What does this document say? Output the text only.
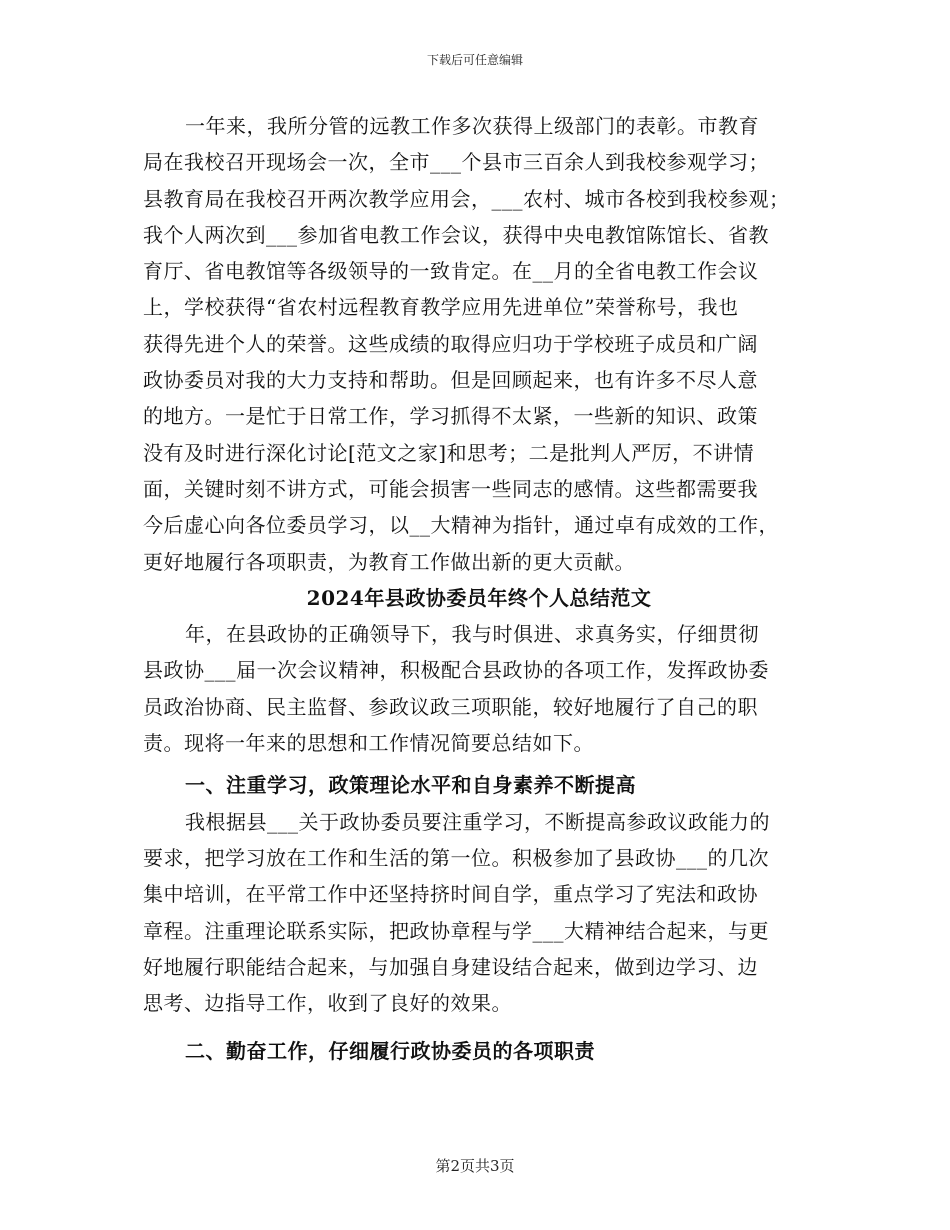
下载后可任意编辑
一年来，我所分管的远教工作多次获得上级部门的表彰。市教育
局在我校召开现场会一次，全市___个县市三百余人到我校参观学习；
县教育局在我校召开两次教学应用会，___农村、城市各校到我校参观；
我个人两次到___参加省电教工作会议，获得中央电教馆陈馆长、省教
育厅、省电教馆等各级领导的一致肯定。在__月的全省电教工作会议
上，学校获得“省农村远程教育教学应用先进单位”荣誉称号，我也
获得先进个人的荣誉。这些成绩的取得应归功于学校班子成员和广阔
政协委员对我的大力支持和帮助。但是回顾起来，也有许多不尽人意
的地方。一是忙于日常工作，学习抓得不太紧，一些新的知识、政策
没有及时进行深化讨论[范文之家]和思考；二是批判人严厉，不讲情
面，关键时刻不讲方式，可能会损害一些同志的感情。这些都需要我
今后虚心向各位委员学习，以__大精神为指针，通过卓有成效的工作，
更好地履行各项职责，为教育工作做出新的更大贡献。
2024年县政协委员年终个人总结范文
年，在县政协的正确领导下，我与时俱进、求真务实，仔细贯彻
县政协___届一次会议精神，积极配合县政协的各项工作，发挥政协委
员政治协商、民主监督、参政议政三项职能，较好地履行了自己的职
责。现将一年来的思想和工作情况简要总结如下。
一、注重学习，政策理论水平和自身素养不断提高
我根据县___关于政协委员要注重学习，不断提高参政议政能力的
要求，把学习放在工作和生活的第一位。积极参加了县政协___的几次
集中培训，在平常工作中还坚持挤时间自学，重点学习了宪法和政协
章程。注重理论联系实际，把政协章程与学___大精神结合起来，与更
好地履行职能结合起来，与加强自身建设结合起来，做到边学习、边
思考、边指导工作，收到了良好的效果。
二、勤奋工作，仔细履行政协委员的各项职责
第2页共3页
